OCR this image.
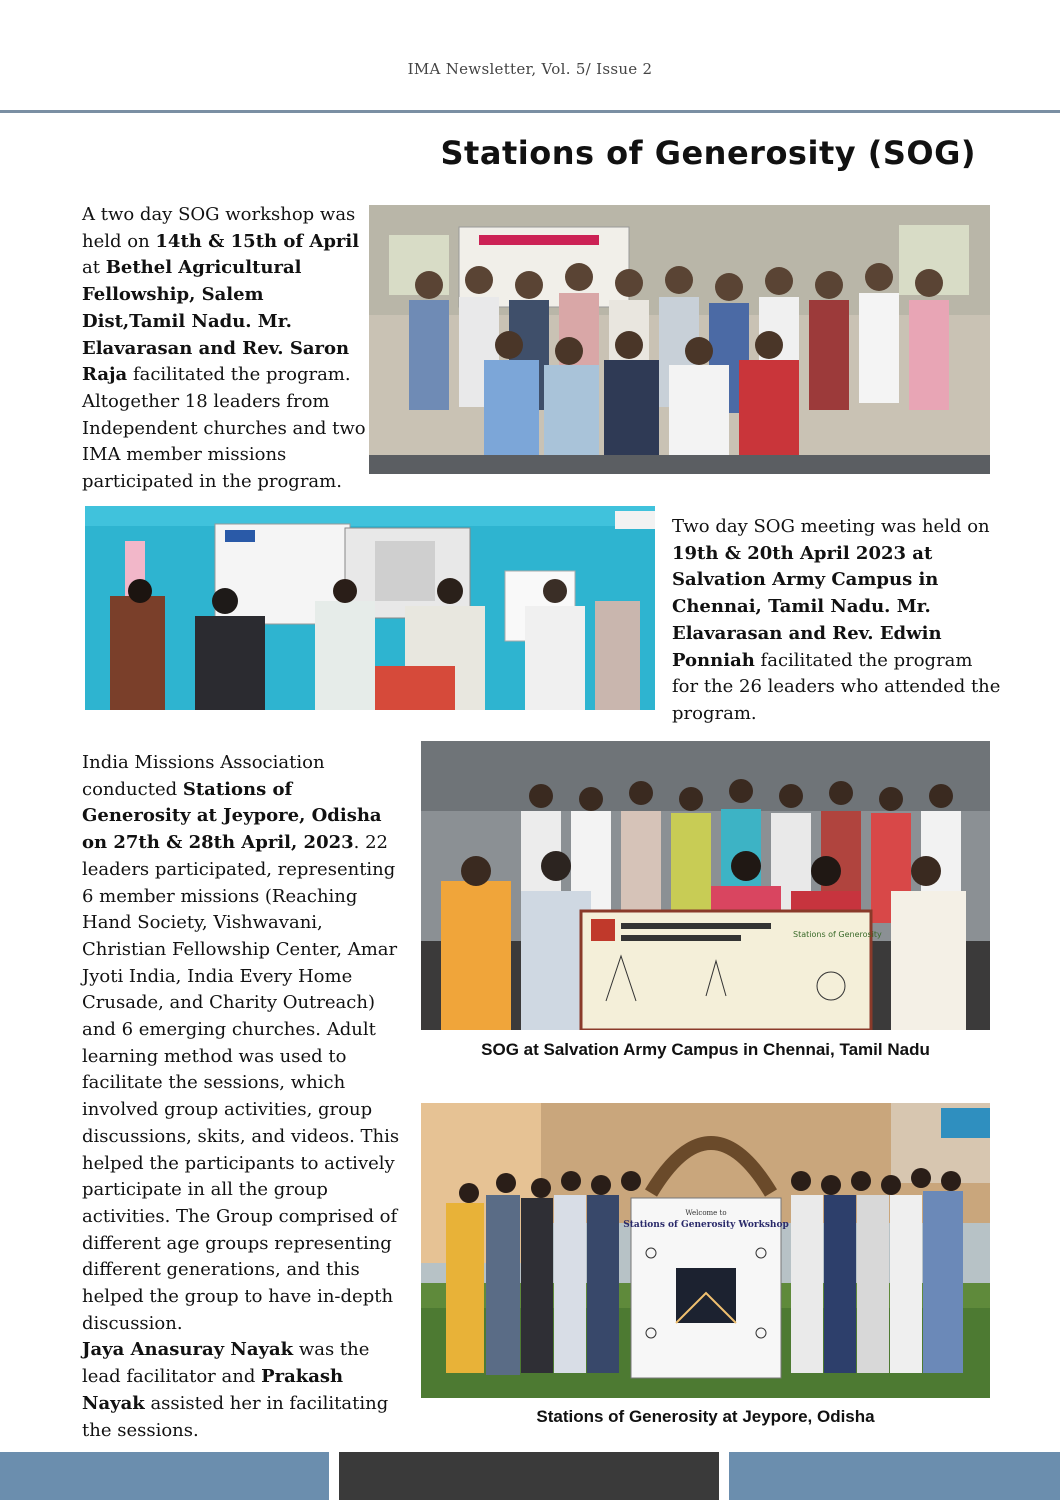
IMA Newsletter, Vol. 5/ Issue 2
Stations of Generosity (SOG)
A two day SOG workshop was held on 14th & 15th of April at Bethel Agricultural Fellowship, Salem Dist,Tamil Nadu. Mr. Elavarasan and Rev. Saron Raja facilitated the program. Altogether 18 leaders from Independent churches and two IMA member missions participated in the program.
Two day SOG meeting was held on 19th & 20th April 2023 at Salvation Army Campus in Chennai, Tamil Nadu. Mr. Elavarasan and Rev. Edwin Ponniah facilitated the program for the 26 leaders who attended the program.
India Missions Association conducted Stations of Generosity at Jeypore, Odisha on 27th & 28th April, 2023. 22 leaders participated, representing 6 member missions (Reaching Hand Society, Vishwavani, Christian Fellowship Center, Amar Jyoti India, India Every Home Crusade, and Charity Outreach) and 6 emerging churches. Adult learning method was used to facilitate the sessions, which involved group activities, group discussions, skits, and videos. This helped the participants to actively participate in all the group activities. The Group comprised of different age groups representing different generations, and this helped the group to have in-depth discussion.
Jaya Anasuray Nayak was the lead facilitator and Prakash Nayak assisted her in facilitating the sessions.
Stations of Generosity
SOG at Salvation Army Campus in Chennai, Tamil Nadu
Welcome to
Stations of Generosity Workshop
Stations of Generosity at Jeypore, Odisha
